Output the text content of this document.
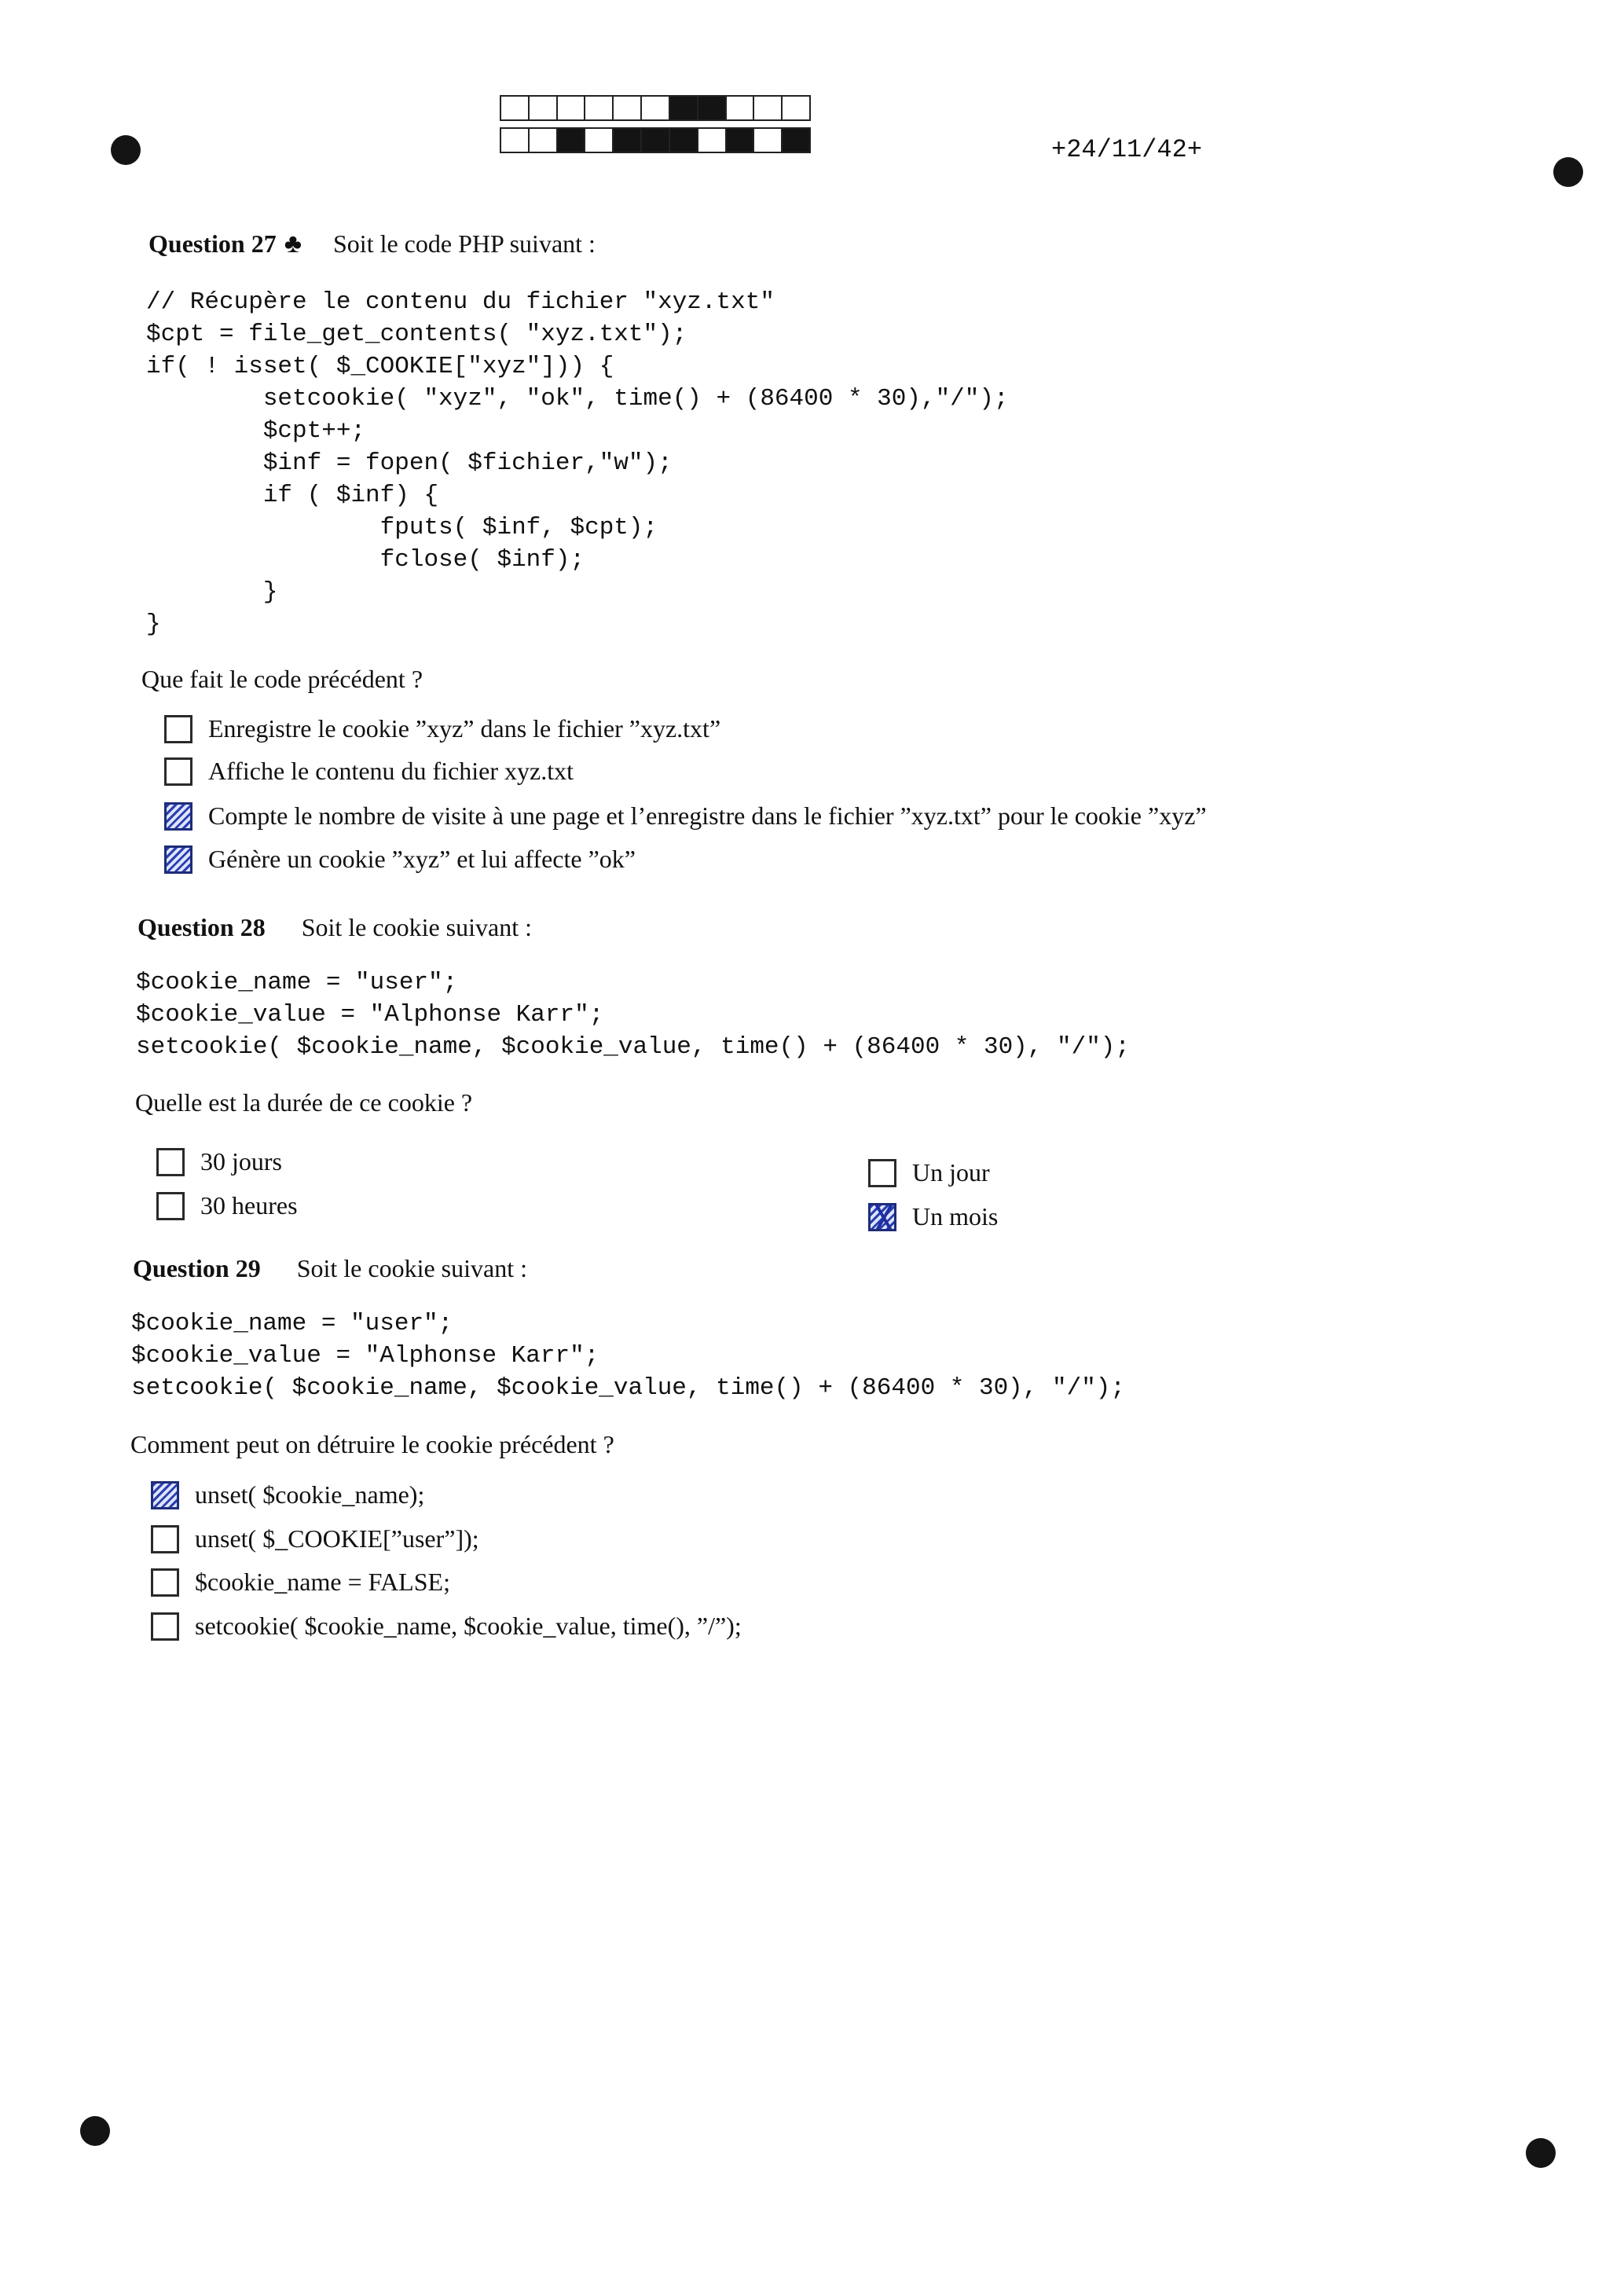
+24/11/42+
Question 27 ♣ Soit le code PHP suivant :
// Récupère le contenu du fichier "xyz.txt"
$cpt = file_get_contents( "xyz.txt");
if( ! isset( $_COOKIE["xyz"])) {
setcookie( "xyz", "ok", time() + (86400 * 30),"/");
$cpt++;
$inf = fopen( $fichier,"w");
if ( $inf) {
fputs( $inf, $cpt);
fclose( $inf);
}
}
Que fait le code précédent ?
Enregistre le cookie ”xyz” dans le fichier ”xyz.txt”
Affiche le contenu du fichier xyz.txt
Compte le nombre de visite à une page et l’enregistre dans le fichier ”xyz.txt” pour le cookie ”xyz”
Génère un cookie ”xyz” et lui affecte ”ok”
Question 28 Soit le cookie suivant :
$cookie_name = "user";
$cookie_value = "Alphonse Karr";
setcookie( $cookie_name, $cookie_value, time() + (86400 * 30), "/");
Quelle est la durée de ce cookie ?
30 jours
30 heures
Un jour
Un mois
Question 29 Soit le cookie suivant :
$cookie_name = "user";
$cookie_value = "Alphonse Karr";
setcookie( $cookie_name, $cookie_value, time() + (86400 * 30), "/");
Comment peut on détruire le cookie précédent ?
unset( $cookie_name);
unset( $_COOKIE[”user”]);
$cookie_name = FALSE;
setcookie( $cookie_name, $cookie_value, time(), ”/”);
